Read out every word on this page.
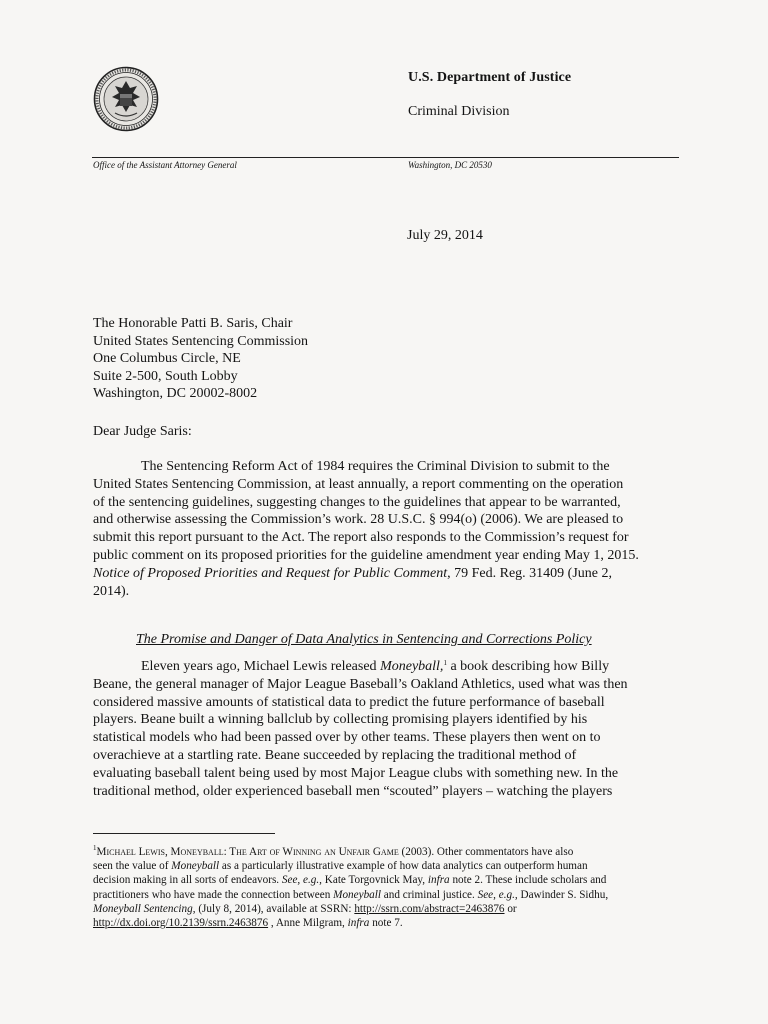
U.S. Department of Justice
Criminal Division
Office of the Assistant Attorney General	Washington, DC 20530
July 29, 2014
The Honorable Patti B. Saris, Chair
United States Sentencing Commission
One Columbus Circle, NE
Suite 2-500, South Lobby
Washington, DC 20002-8002
Dear Judge Saris:
The Sentencing Reform Act of 1984 requires the Criminal Division to submit to the
United States Sentencing Commission, at least annually, a report commenting on the operation
of the sentencing guidelines, suggesting changes to the guidelines that appear to be warranted,
and otherwise assessing the Commission’s work. 28 U.S.C. § 994(o) (2006). We are pleased to
submit this report pursuant to the Act. The report also responds to the Commission’s request for
public comment on its proposed priorities for the guideline amendment year ending May 1, 2015.
Notice of Proposed Priorities and Request for Public Comment, 79 Fed. Reg. 31409 (June 2,
2014).
The Promise and Danger of Data Analytics in Sentencing and Corrections Policy
Eleven years ago, Michael Lewis released Moneyball,$^1$ a book describing how Billy
Beane, the general manager of Major League Baseball’s Oakland Athletics, used what was then
considered massive amounts of statistical data to predict the future performance of baseball
players. Beane built a winning ballclub by collecting promising players identified by his
statistical models who had been passed over by other teams. These players then went on to
overachieve at a startling rate. Beane succeeded by replacing the traditional method of
evaluating baseball talent being used by most Major League clubs with something new. In the
traditional method, older experienced baseball men “scouted” players – watching the players
$^1$Michael Lewis, Moneyball: The Art of Winning an Unfair Game (2003). Other commentators have also
seen the value of Moneyball as a particularly illustrative example of how data analytics can outperform human
decision making in all sorts of endeavors. See, e.g., Kate Torgovnick May, infra note 2. These include scholars and
practitioners who have made the connection between Moneyball and criminal justice. See, e.g., Dawinder S. Sidhu,
Moneyball Sentencing, (July 8, 2014), available at SSRN: http://ssrn.com/abstract=2463876 or
http://dx.doi.org/10.2139/ssrn.2463876 , Anne Milgram, infra note 7.
